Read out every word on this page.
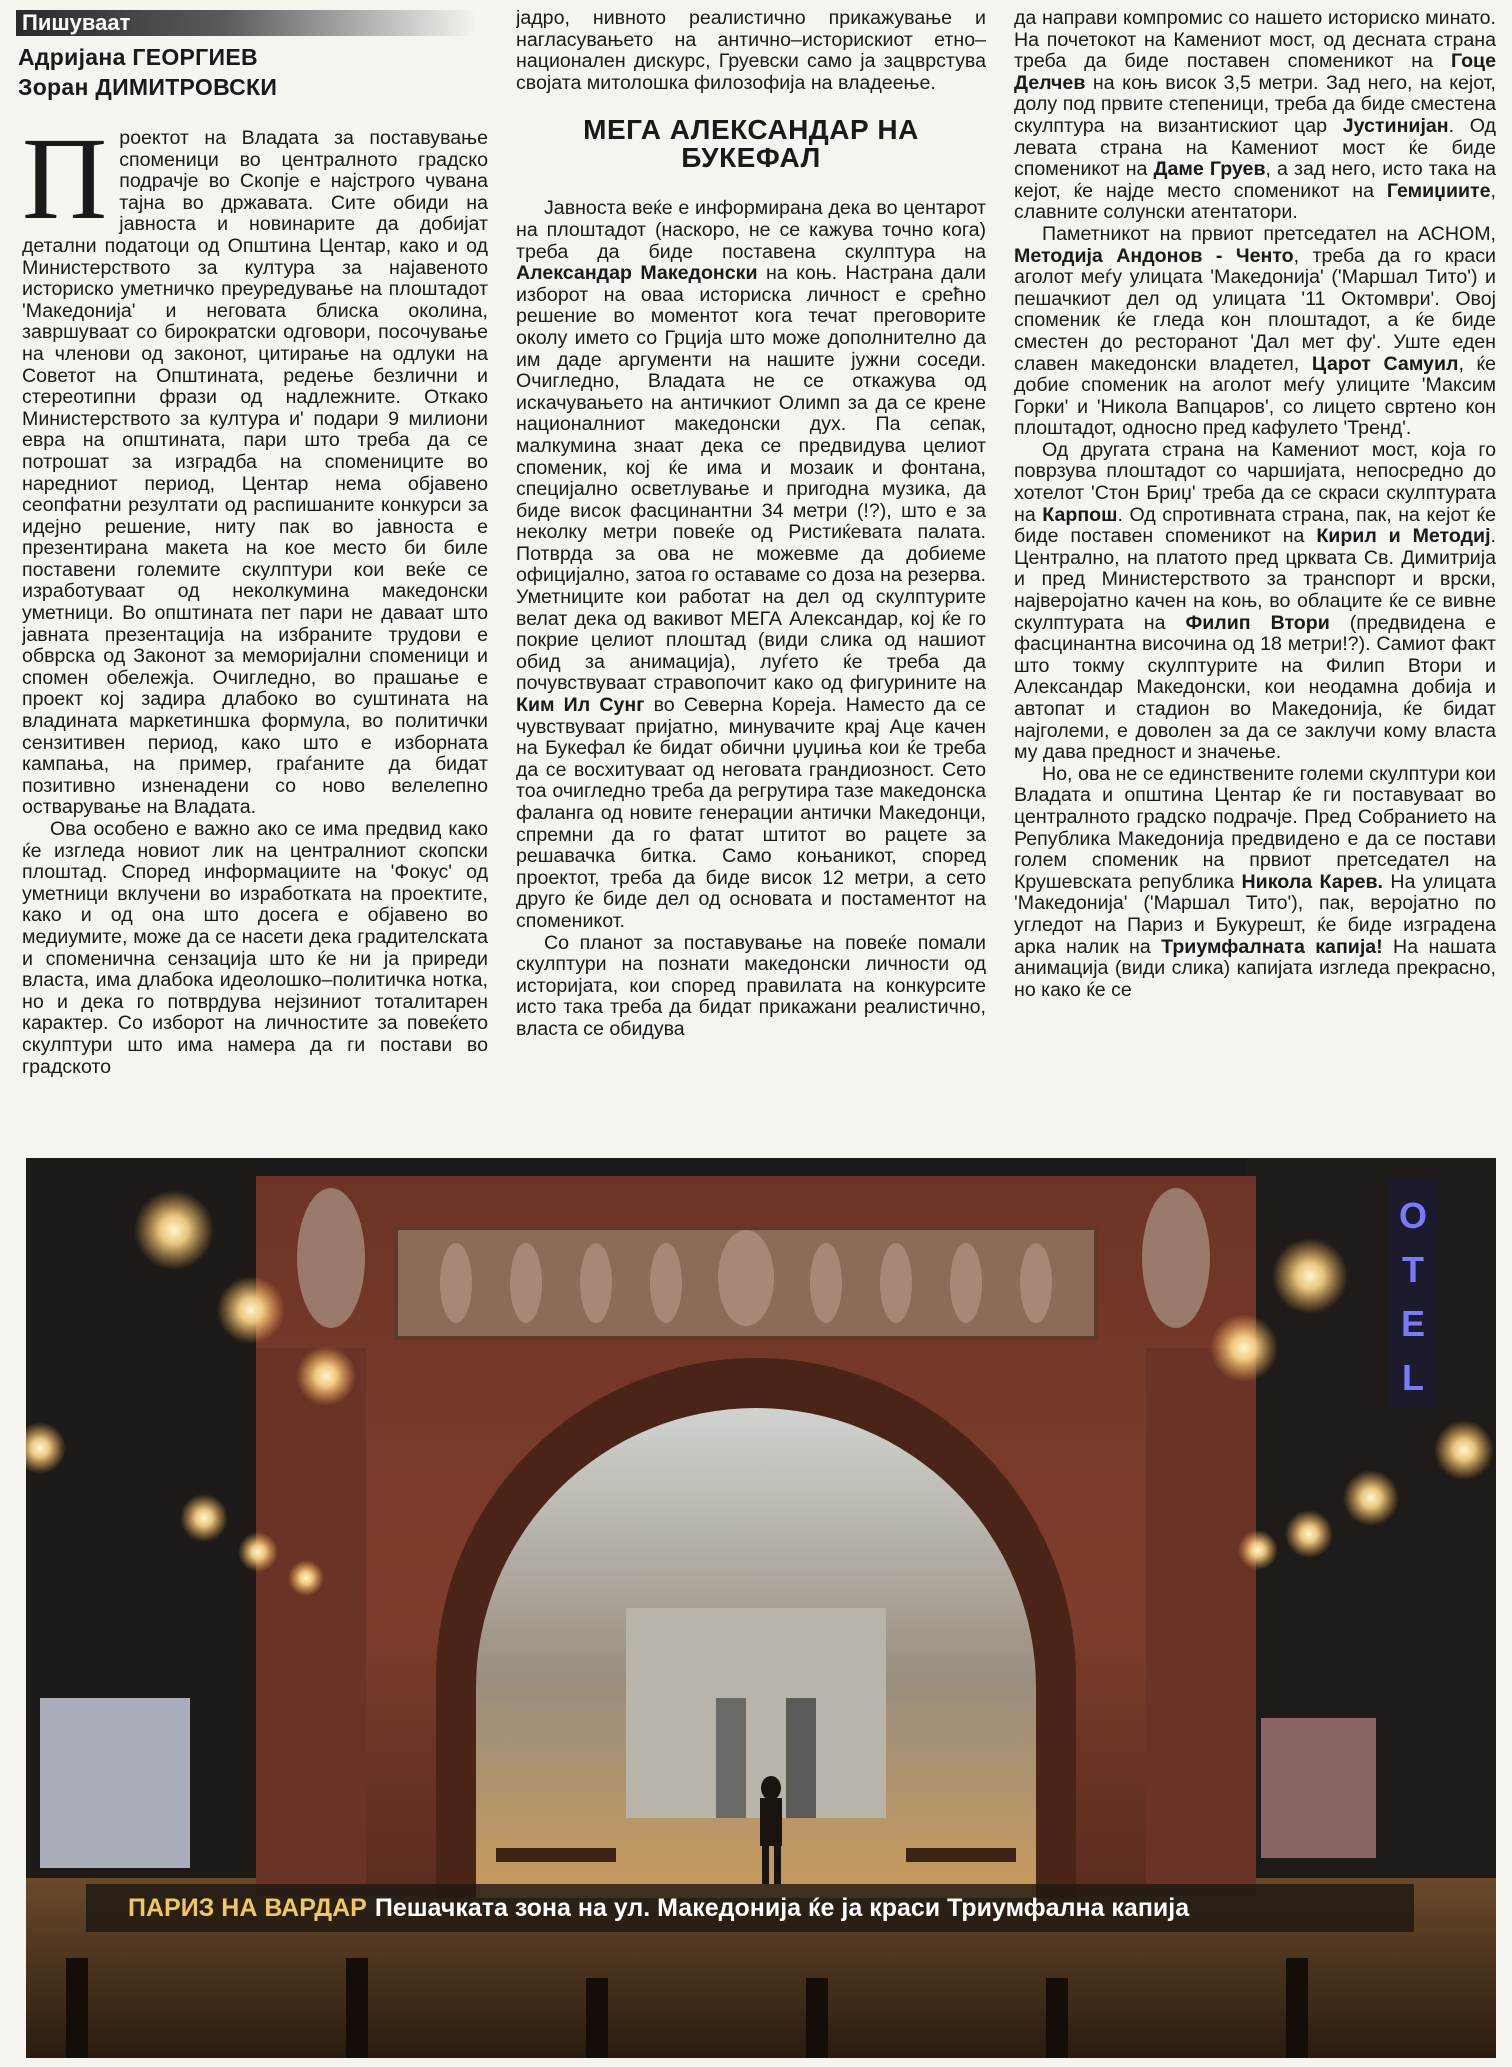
Пишуваат
Адријана ГЕОРГИЕВ
Зоран ДИМИТРОВСКИ

Проектот на Владата за поставување споменици во централното градско подрачје во Скопје е најстрого чувана тајна во државата. Сите обиди на јавноста и новинарите да добијат детални податоци од Општина Центар, како и од Министерството за култура за најавеното историско уметничко преуредување на плоштадот 'Македонија' и неговата блиска околина, завршуваат со бирократски одговори, посочување на членови од законот, цитирање на одлуки на Советот на Општината, редење безлични и стереотипни фрази од надлежните. Откако Министерството за култура и' подари 9 милиони евра на општината, пари што треба да се потрошат за изградба на спомениците во наредниот период, Центар нема објавено сеопфатни резултати од распишаните конкурси за идејно решение, ниту пак во јавноста е презентирана макета на кое место би биле поставени големите скулптури кои веќе се изработуваат од неколкумина македонски уметници. Во општината пет пари не даваат што јавната презентација на избраните трудови е обврска од Законот за меморијални споменици и спомен обележја. Очигледно, во прашање е проект кој задира длабоко во суштината на владината маркетиншка формула, во политички сензитивен период, како што е изборната кампања, на пример, граѓаните да бидат позитивно изненадени со ново велелепно остварување на Владата.

Ова особено е важно ако се има предвид како ќе изгледа новиот лик на централниот скопски плоштад. Според информациите на 'Фокус' од уметници вклучени во изработката на проектите, како и од она што досега е објавено во медиумите, може да се насети дека градителската и споменична сензација што ќе ни ја приреди власта, има длабока идеолошко–политичка нотка, но и дека го потврдува нејзиниот тоталитарен карактер. Со изборот на личностите за повеќето скулптури што има намера да ги постави во градското

јадро, нивното реалистично прикажување и нагласувањето на антично–историскиот етно–национален дискурс, Груевски само ја зацврстува својата митолошка филозофија на владеење.

МЕГА АЛЕКСАНДАР НА БУКЕФАЛ

Јавноста веќе е информирана дека во центарот на плоштадот (наскоро, не се кажува точно кога) треба да биде поставена скулптура на Александар Македонски на коњ. Настрана дали изборот на оваа историска личност е срећно решение во моментот кога течат преговорите околу името со Грција што може дополнително да им даде аргументи на нашите јужни соседи. Очигледно, Владата не се откажува од искачувањето на античкиот Олимп за да се крене националниот македонски дух. Па сепак, малкумина знаат дека се предвидува целиот споменик, кој ќе има и мозаик и фонтана, специјално осветлување и пригодна музика, да биде висок фасцинантни 34 метри (!?), што е за неколку метри повеќе од Ристиќевата палата. Потврда за ова не можевме да добиеме официјално, затоа го оставаме со доза на резерва. Уметниците кои работат на дел од скулптурите велат дека од вакивот МЕГА Александар, кој ќе го покрие целиот плоштад (види слика од нашиот обид за анимација), луѓето ќе треба да почувствуваат стравопочит како од фигурините на Ким Ил Сунг во Северна Кореја. Наместо да се чувствуваат пријатно, минувачите крај Аце качен на Букефал ќе бидат обични џуџиња кои ќе треба да се восхитуваат од неговата грандиозност. Сето тоа очигледно треба да регрутира тазе македонска фаланга од новите генерации антички Македонци, спремни да го фатат штитот во рацете за решавачка битка. Само коњаникот, според проектот, треба да биде висок 12 метри, а сето друго ќе биде дел од основата и постаментот на споменикот.

Со планот за поставување на повеќе помали скулптури на познати македонски личности од историјата, кои според правилата на конкурсите исто така треба да бидат прикажани реалистично, власта се обидува

да направи компромис со нашето историско минато. На почетокот на Камениот мост, од десната страна треба да биде поставен споменикот на Гоце Делчев на коњ висок 3,5 метри. Зад него, на кејот, долу под првите степеници, треба да биде сместена скулптура на византискиот цар Јустинијан. Од левата страна на Камениот мост ќе биде споменикот на Даме Груев, а зад него, исто така на кејот, ќе најде место споменикот на Гемиџиите, славните солунски атентатори.

Паметникот на првиот претседател на АСНОМ, Методија Андонов - Ченто, треба да го краси аголот меѓу улицата 'Македонија' ('Маршал Тито') и пешачкиот дел од улицата '11 Октомври'. Овој споменик ќе гледа кон плоштадот, а ќе биде сместен до ресторанот 'Дал мет фу'. Уште еден славен македонски владетел, Царот Самуил, ќе добие споменик на аголот меѓу улиците 'Максим Горки' и 'Никола Вапцаров', со лицето свртено кон плоштадот, односно пред кафулето 'Тренд'.

Од другата страна на Камениот мост, која го поврзува плоштадот со чаршијата, непосредно до хотелот 'Стон Бриџ' треба да се скраси скулптурата на Карпош. Од спротивната страна, пак, на кејот ќе биде поставен споменикот на Кирил и Методиј. Централно, на платото пред црквата Св. Димитрија и пред Министерството за транспорт и врски, најверојатно качен на коњ, во облаците ќе се вивне скулптурата на Филип Втори (предвидена е фасцинантна височина од 18 метри!?). Самиот факт што токму скулптурите на Филип Втори и Александар Македонски, кои неодамна добија и автопат и стадион во Македонија, ќе бидат најголеми, е доволен за да се заклучи кому власта му дава предност и значење.

Но, ова не се единствените големи скулптури кои Владата и општина Центар ќе ги поставуваат во централното градско подрачје. Пред Собранието на Република Македонија предвидено е да се постави голем споменик на првиот претседател на Крушевската република Никола Карев. На улицата 'Македонија' ('Маршал Тито'), пак, веројатно по угледот на Париз и Букурешт, ќе биде изградена арка налик на Триумфалната капија! На нашата анимација (види слика) капијата изгледа прекрасно, но како ќе се

O
T
E
L
ПАРИЗ НА ВАРДАР Пешачката зона на ул. Македонија ќе ја краси Триумфална капија
